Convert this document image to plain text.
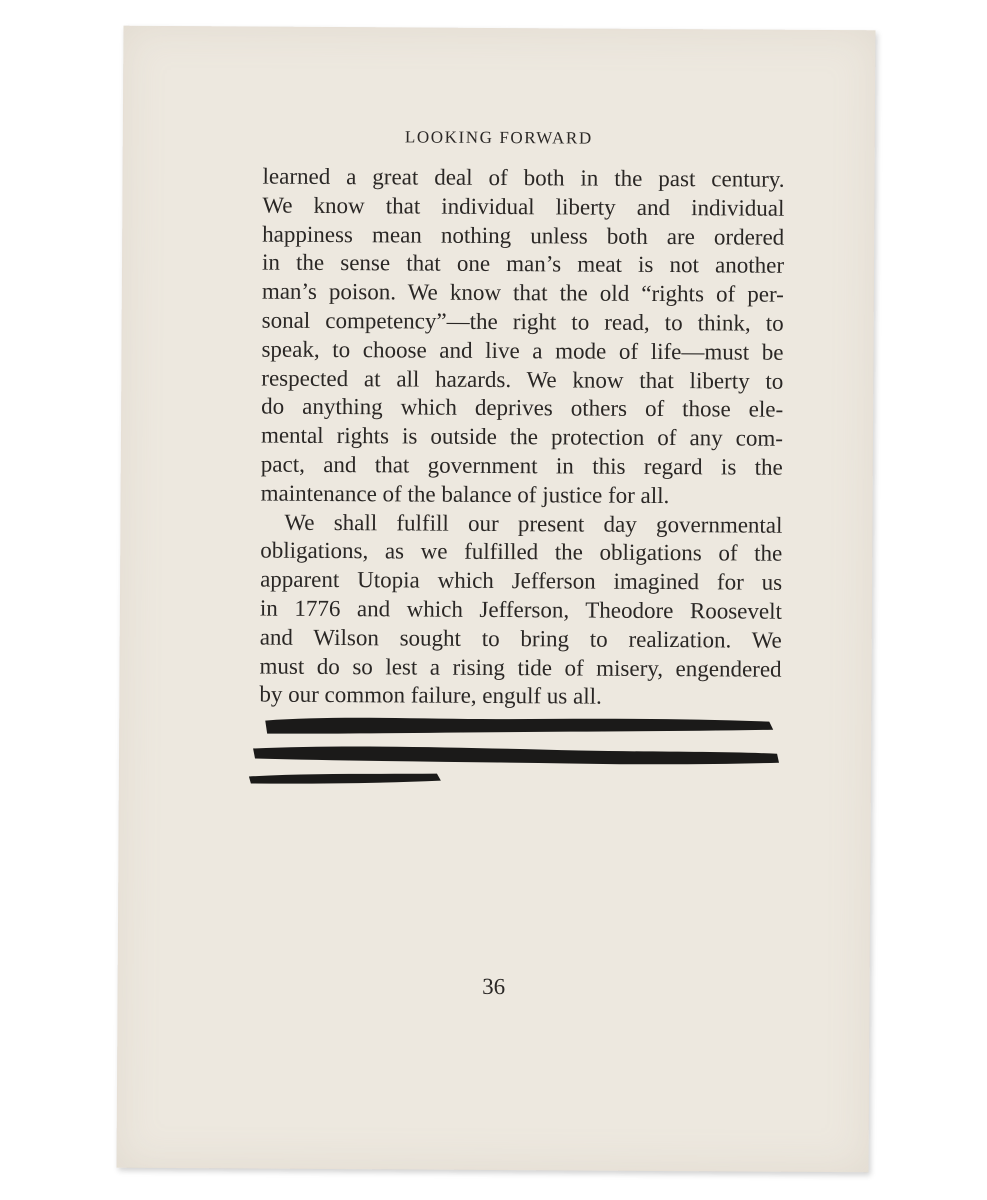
LOOKING FORWARD
learned a great deal of both in the past century.
We know that individual liberty and individual
happiness mean nothing unless both are ordered
in the sense that one man’s meat is not another
man’s poison. We know that the old “rights of per-
sonal competency”—the right to read, to think, to
speak, to choose and live a mode of life—must be
respected at all hazards. We know that liberty to
do anything which deprives others of those ele-
mental rights is outside the protection of any com-
pact, and that government in this regard is the
maintenance of the balance of justice for all.
We shall fulfill our present day governmental
obligations, as we fulfilled the obligations of the
apparent Utopia which Jefferson imagined for us
in 1776 and which Jefferson, Theodore Roosevelt
and Wilson sought to bring to realization. We
must do so lest a rising tide of misery, engendered
by our common failure, engulf us all.
36
